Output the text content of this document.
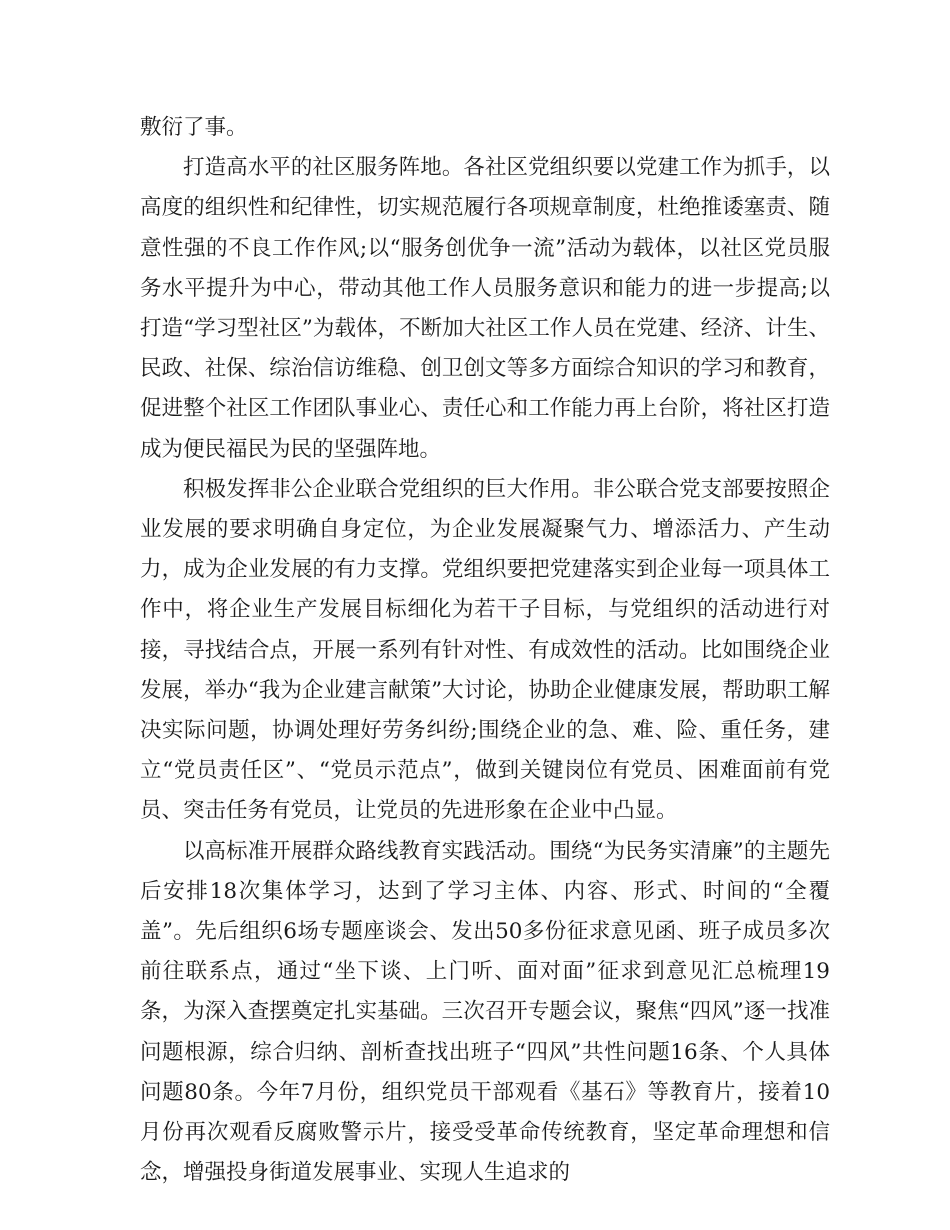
敷衍了事。

打造高水平的社区服务阵地。各社区党组织要以党建工作为抓手，以高度的组织性和纪律性，切实规范履行各项规章制度，杜绝推诿塞责、随意性强的不良工作作风;以“服务创优争一流”活动为载体，以社区党员服务水平提升为中心，带动其他工作人员服务意识和能力的进一步提高;以打造“学习型社区”为载体，不断加大社区工作人员在党建、经济、计生、民政、社保、综治信访维稳、创卫创文等多方面综合知识的学习和教育，促进整个社区工作团队事业心、责任心和工作能力再上台阶，将社区打造成为便民福民为民的坚强阵地。

积极发挥非公企业联合党组织的巨大作用。非公联合党支部要按照企业发展的要求明确自身定位，为企业发展凝聚气力、增添活力、产生动力，成为企业发展的有力支撑。党组织要把党建落实到企业每一项具体工作中，将企业生产发展目标细化为若干子目标，与党组织的活动进行对接，寻找结合点，开展一系列有针对性、有成效性的活动。比如围绕企业发展，举办“我为企业建言献策”大讨论，协助企业健康发展，帮助职工解决实际问题，协调处理好劳务纠纷;围绕企业的急、难、险、重任务，建立“党员责任区”、“党员示范点”，做到关键岗位有党员、困难面前有党员、突击任务有党员，让党员的先进形象在企业中凸显。

以高标准开展群众路线教育实践活动。围绕“为民务实清廉”的主题先后安排18次集体学习，达到了学习主体、内容、形式、时间的“全覆盖”。先后组织6场专题座谈会、发出50多份征求意见函、班子成员多次前往联系点，通过“坐下谈、上门听、面对面”征求到意见汇总梳理19条，为深入查摆奠定扎实基础。三次召开专题会议，聚焦“四风”逐一找准问题根源，综合归纳、剖析查找出班子“四风”共性问题16条、个人具体问题80条。今年7月份，组织党员干部观看《基石》等教育片，接着10月份再次观看反腐败警示片，接受受革命传统教育，坚定革命理想和信念，增强投身街道发展事业、实现人生追求的
